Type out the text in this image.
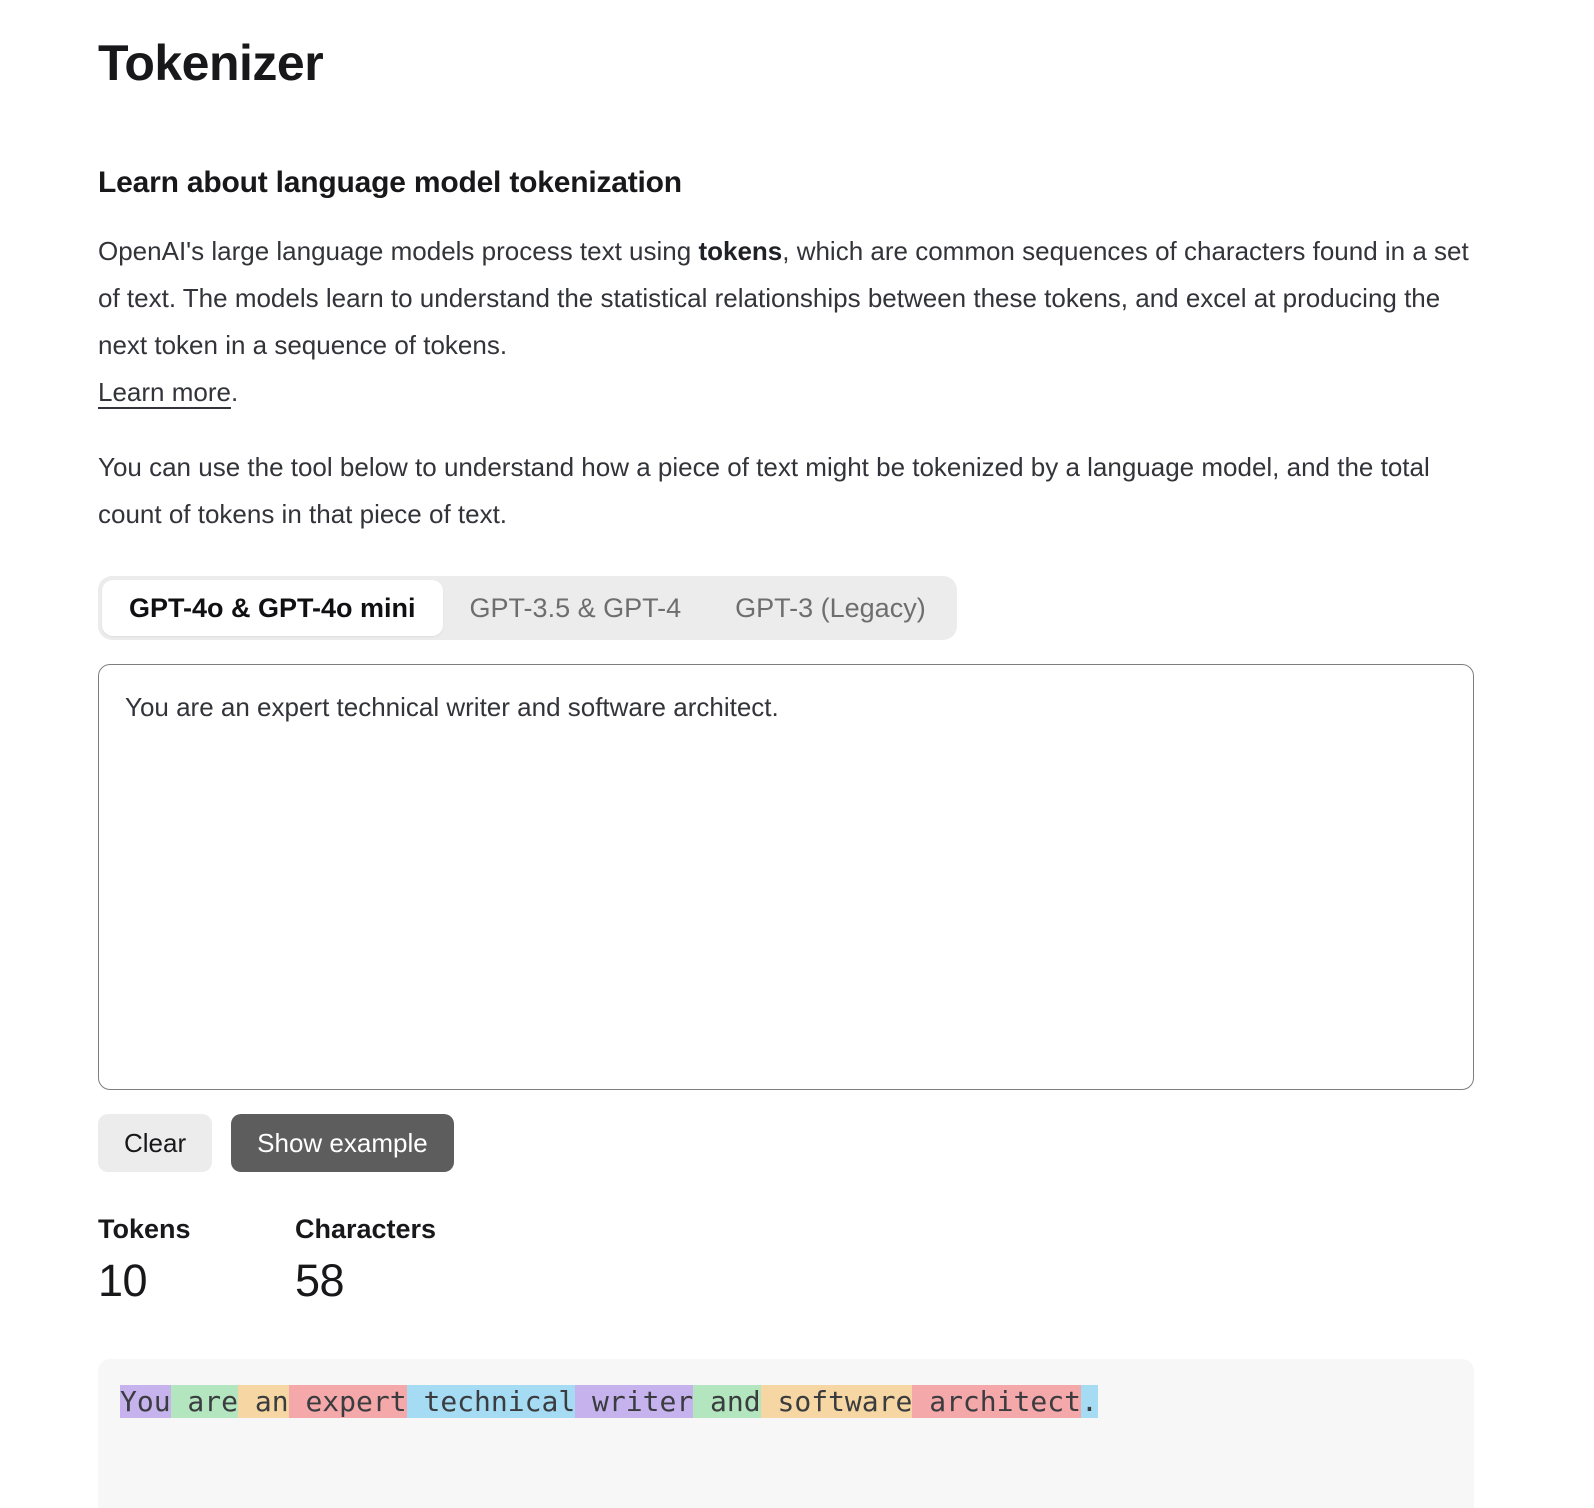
Tokenizer
Learn about language model tokenization

OpenAI's large language models process text using tokens, which are common sequences of characters found in a set of text. The models learn to understand the statistical relationships between these tokens, and excel at producing the next token in a sequence of tokens.
Learn more.

You can use the tool below to understand how a piece of text might be tokenized by a language model, and the total count of tokens in that piece of text.

GPT-4o & GPT-4o mini	GPT-3.5 & GPT-4	GPT-3 (Legacy)
You are an expert technical writer and software architect.
Clear	Show example
Tokens
10
Characters
58
You are an expert technical writer and software architect.
